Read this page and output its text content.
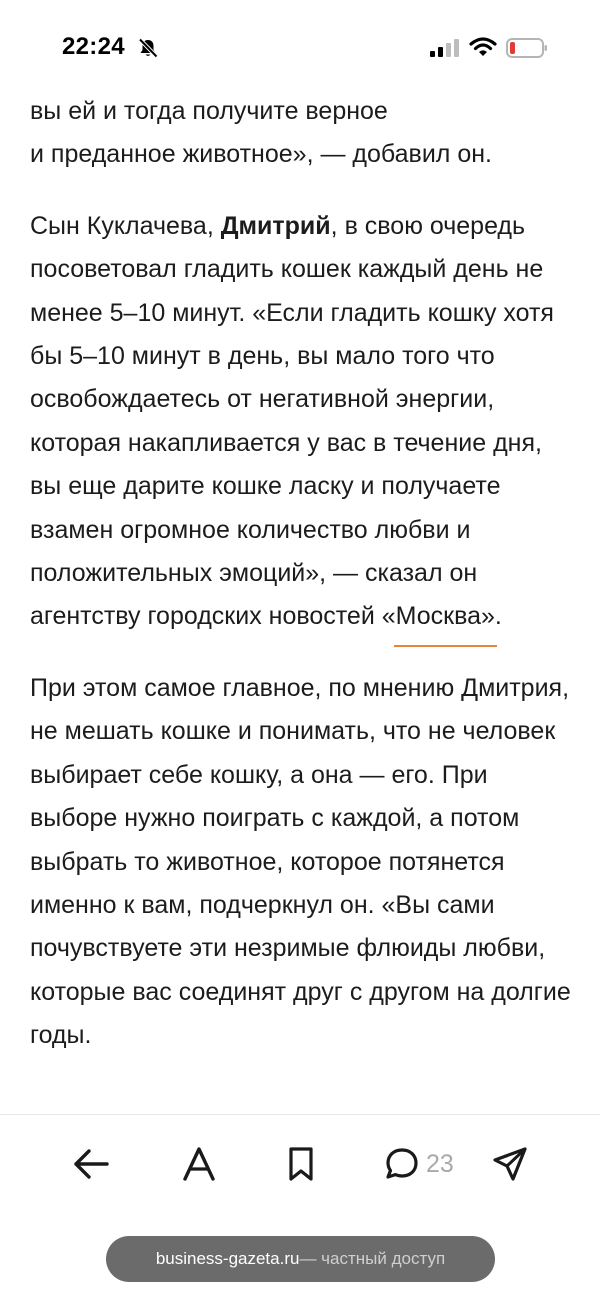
22:24

вы ей и тогда получите верное
и преданное животное», — добавил он.

Сын Куклачева, Дмитрий, в свою очередь посоветовал гладить кошек каждый день не менее 5–10 минут. «Если гладить кошку хотя бы 5–10 минут в день, вы мало того что освобождаетесь от негативной энергии, которая накапливается у вас в течение дня, вы еще дарите кошке ласку и получаете взамен огромное количество любви и положительных эмоций», — сказал он агентству городских новостей «Москва».

При этом самое главное, по мнению Дмитрия, не мешать кошке и понимать, что не человек выбирает себе кошку, а она — его. При выборе нужно поиграть с каждой, а потом выбрать то животное, которое потянется именно к вам, подчеркнул он. «Вы сами почувствуете эти незримые флюиды любви, которые вас соединят друг с другом на долгие годы.

23
business-gazeta.ru — частный доступ
